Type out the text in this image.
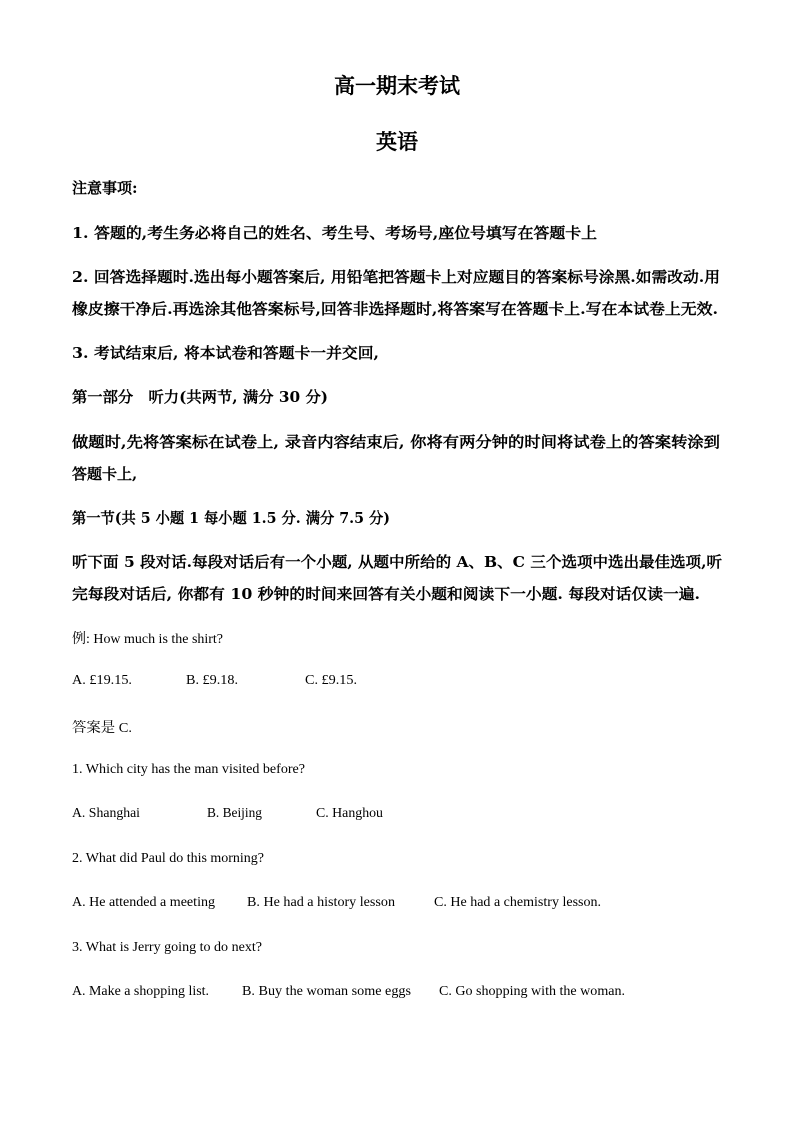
高一期末考试
英语
注意事项:
1. 答题的,考生务必将自己的姓名、考生号、考场号,座位号填写在答题卡上
2. 回答选择题时.选出每小题答案后, 用铅笔把答题卡上对应题目的答案标号涂黑.如需改动.用
橡皮擦干净后.再选涂其他答案标号,回答非选择题时,将答案写在答题卡上.写在本试卷上无效.
3. 考试结束后, 将本试卷和答题卡一并交回,
第一部分　听力(共两节, 满分 30 分)
做题时,先将答案标在试卷上, 录音内容结束后, 你将有两分钟的时间将试卷上的答案转涂到
答题卡上,
第一节(共 5 小题 1 每小题 1.5 分. 满分 7.5 分)
听下面 5 段对话.每段对话后有一个小题, 从题中所给的 A、B、C 三个选项中选出最佳选项,听
完每段对话后, 你都有 10 秒钟的时间来回答有关小题和阅读下一小题. 每段对话仅读一遍.
例: How much is the shirt?
A. £19.15.	B. £9.18.	C. £9.15.
答案是 C.
1. Which city has the man visited before?
A. Shanghai	B. Beijing	C. Hanghou
2. What did Paul do this morning?
A. He attended a meeting B. He had a history lesson	C. He had a chemistry lesson.
3. What is Jerry going to do next?
A. Make a shopping list. B. Buy the woman some eggs C. Go shopping with the woman.
